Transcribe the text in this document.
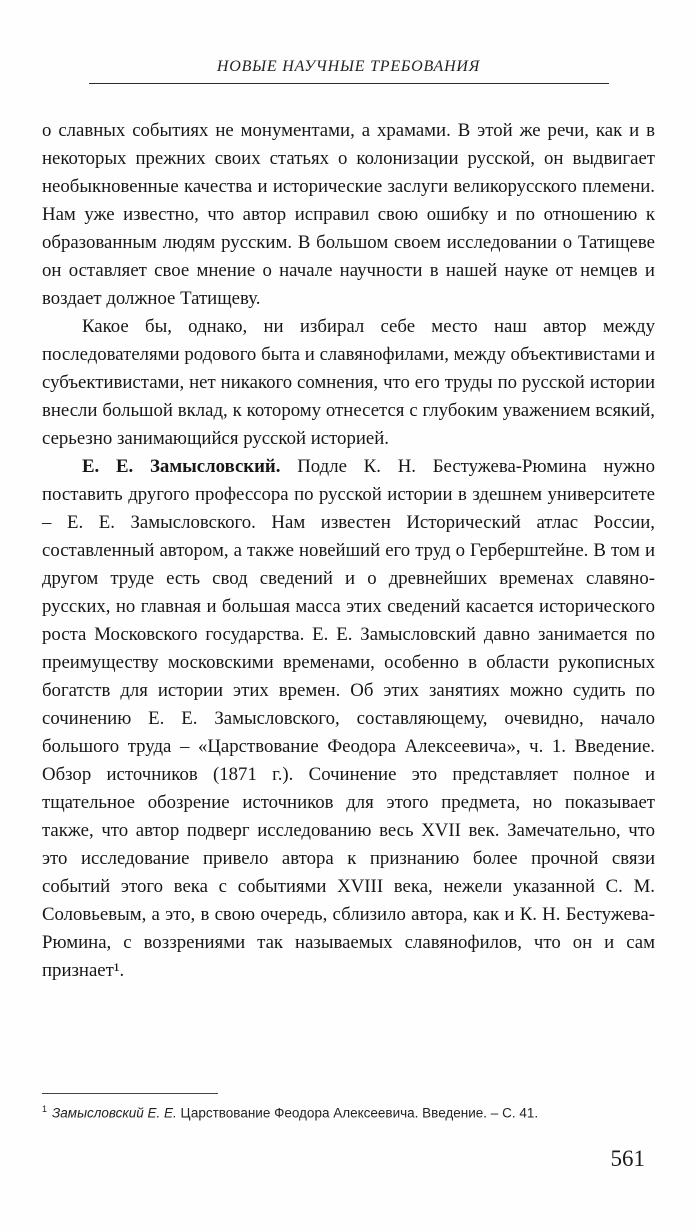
НОВЫЕ НАУЧНЫЕ ТРЕБОВАНИЯ

о славных событиях не монументами, а храмами. В этой же речи, как и в некоторых прежних своих статьях о колонизации русской, он выдвигает необыкновенные качества и исторические заслуги великорусского племени. Нам уже известно, что автор исправил свою ошибку и по отношению к образованным людям русским. В большом своем исследовании о Татищеве он оставляет свое мнение о начале научности в нашей науке от немцев и воздает должное Татищеву.

Какое бы, однако, ни избирал себе место наш автор между последователями родового быта и славянофилами, между объективистами и субъективистами, нет никакого сомнения, что его труды по русской истории внесли большой вклад, к которому отнесется с глубоким уважением всякий, серьезно занимающийся русской историей.

Е. Е. Замысловский. Подле К. Н. Бестужева-Рюмина нужно поставить другого профессора по русской истории в здешнем университете – Е. Е. Замысловского. Нам известен Исторический атлас России, составленный автором, а также новейший его труд о Герберштейне. В том и другом труде есть свод сведений и о древнейших временах славяно-русских, но главная и большая масса этих сведений касается исторического роста Московского государства. Е. Е. Замысловский давно занимается по преимуществу московскими временами, особенно в области рукописных богатств для истории этих времен. Об этих занятиях можно судить по сочинению Е. Е. Замысловского, составляющему, очевидно, начало большого труда – «Царствование Феодора Алексеевича», ч. 1. Введение. Обзор источников (1871 г.). Сочинение это представляет полное и тщательное обозрение источников для этого предмета, но показывает также, что автор подверг исследованию весь XVII век. Замечательно, что это исследование привело автора к признанию более прочной связи событий этого века с событиями XVIII века, нежели указанной С. М. Соловьевым, а это, в свою очередь, сблизило автора, как и К. Н. Бестужева-Рюмина, с воззрениями так называемых славянофилов, что он и сам признает¹.

$^1$ Замысловский Е. Е. Царствование Феодора Алексеевича. Введение. – С. 41.
561
